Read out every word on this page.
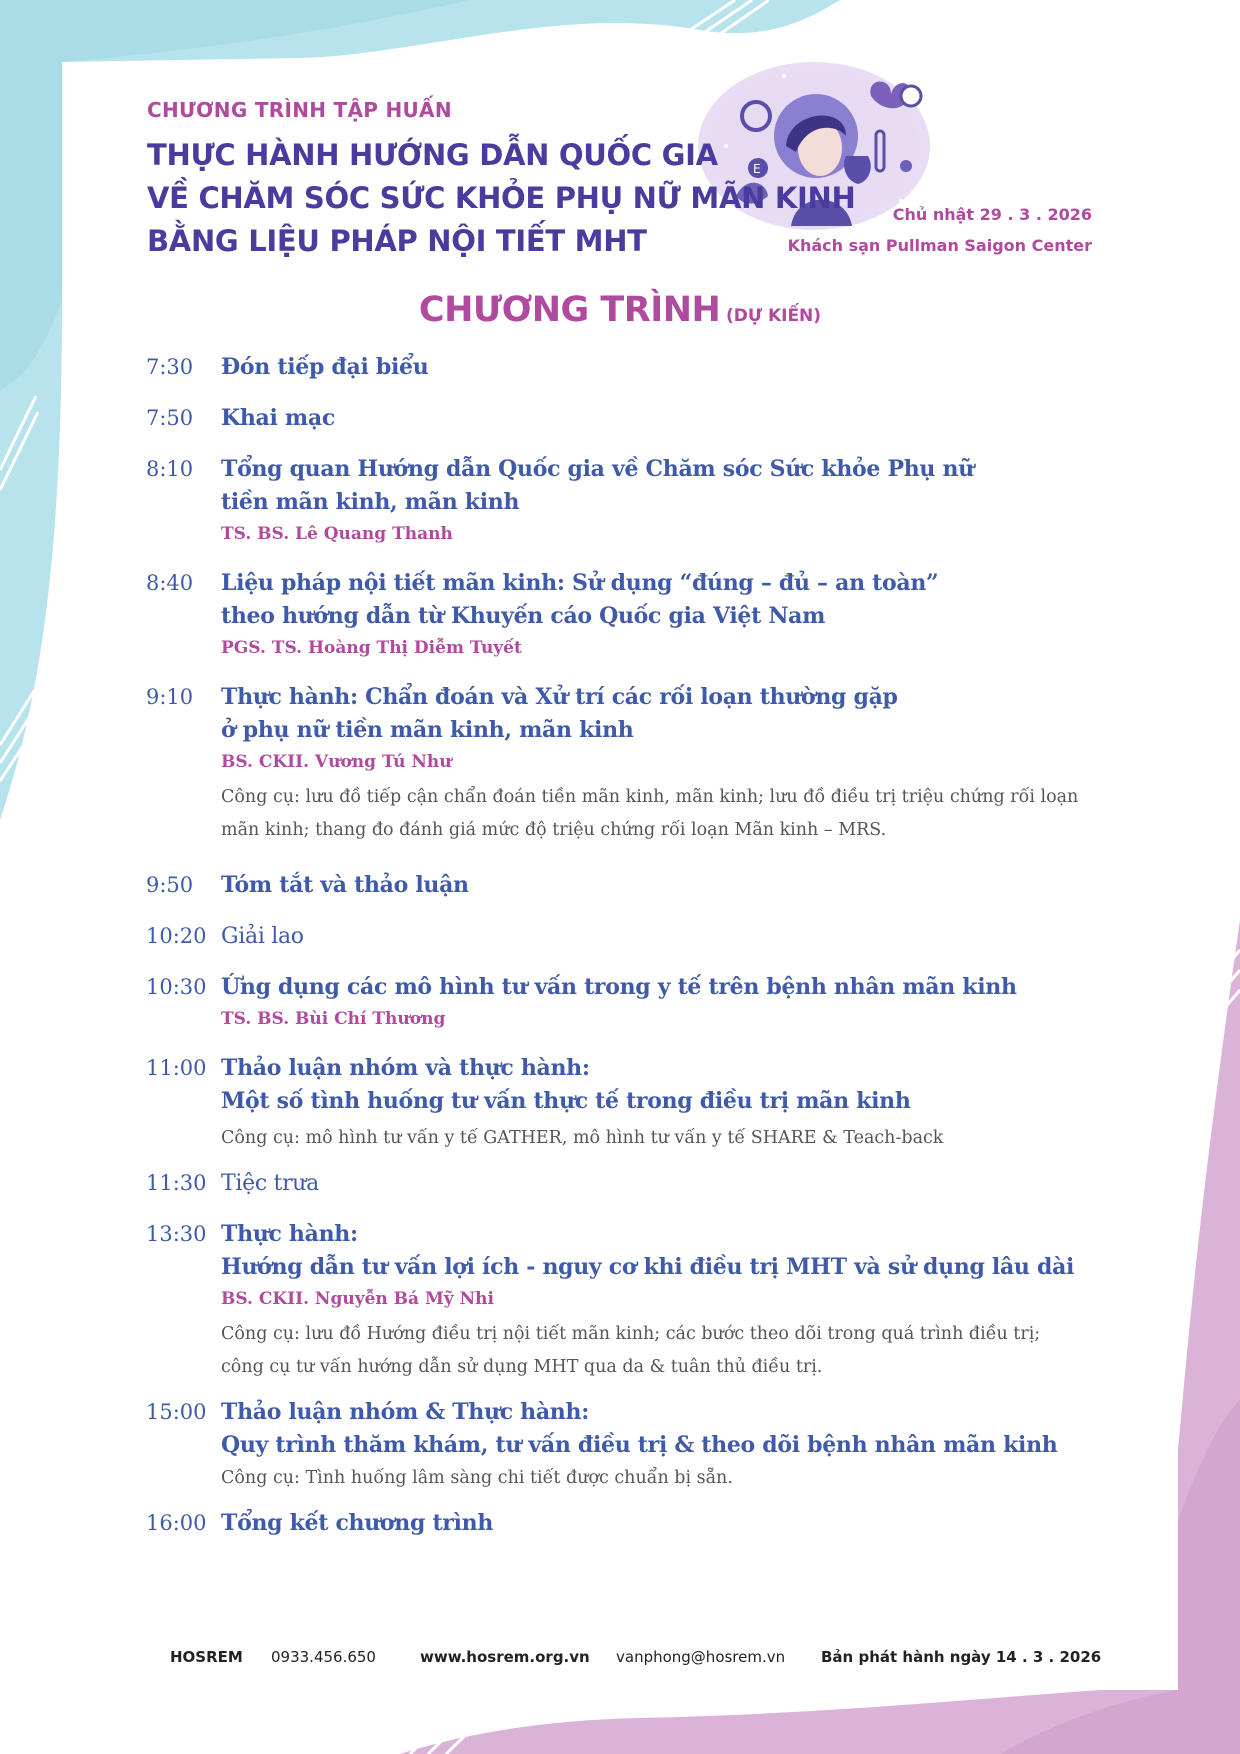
E
CHƯƠNG TRÌNH TẬP HUẤN
THỰC HÀNH HƯỚNG DẪN QUỐC GIA
VỀ CHĂM SÓC SỨC KHỎE PHỤ NỮ MÃN KINH
BẰNG LIỆU PHÁP NỘI TIẾT MHT
Chủ nhật 29 . 3 . 2026
Khách sạn Pullman Saigon Center
CHƯƠNG TRÌNH (DỰ KIẾN)
7:30	Đón tiếp đại biểu
7:50	Khai mạc
8:10	Tổng quan Hướng dẫn Quốc gia về Chăm sóc Sức khỏe Phụ nữ
tiền mãn kinh, mãn kinh
TS. BS. Lê Quang Thanh
8:40	Liệu pháp nội tiết mãn kinh: Sử dụng “đúng – đủ – an toàn”
theo hướng dẫn từ Khuyến cáo Quốc gia Việt Nam
PGS. TS. Hoàng Thị Diễm Tuyết
9:10	Thực hành: Chẩn đoán và Xử trí các rối loạn thường gặp
ở phụ nữ tiền mãn kinh, mãn kinh
BS. CKII. Vương Tú Như
Công cụ: lưu đồ tiếp cận chẩn đoán tiền mãn kinh, mãn kinh; lưu đồ điều trị triệu chứng rối loạn
mãn kinh; thang đo đánh giá mức độ triệu chứng rối loạn Mãn kinh – MRS.
9:50	Tóm tắt và thảo luận
10:20 Giải lao
10:30 Ứng dụng các mô hình tư vấn trong y tế trên bệnh nhân mãn kinh
TS. BS. Bùi Chí Thương
11:00 Thảo luận nhóm và thực hành:
Một số tình huống tư vấn thực tế trong điều trị mãn kinh
Công cụ: mô hình tư vấn y tế GATHER, mô hình tư vấn y tế SHARE & Teach-back
11:30 Tiệc trưa
13:30 Thực hành:
Hướng dẫn tư vấn lợi ích - nguy cơ khi điều trị MHT và sử dụng lâu dài
BS. CKII. Nguyễn Bá Mỹ Nhi
Công cụ: lưu đồ Hướng điều trị nội tiết mãn kinh; các bước theo dõi trong quá trình điều trị;
công cụ tư vấn hướng dẫn sử dụng MHT qua da & tuân thủ điều trị.
15:00 Thảo luận nhóm & Thực hành:
Quy trình thăm khám, tư vấn điều trị & theo dõi bệnh nhân mãn kinh
Công cụ: Tình huống lâm sàng chi tiết được chuẩn bị sẵn.
16:00 Tổng kết chương trình
HOSREM 0933.456.650	www.hosrem.org.vn vanphong@hosrem.vn Bản phát hành ngày 14 . 3 . 2026
